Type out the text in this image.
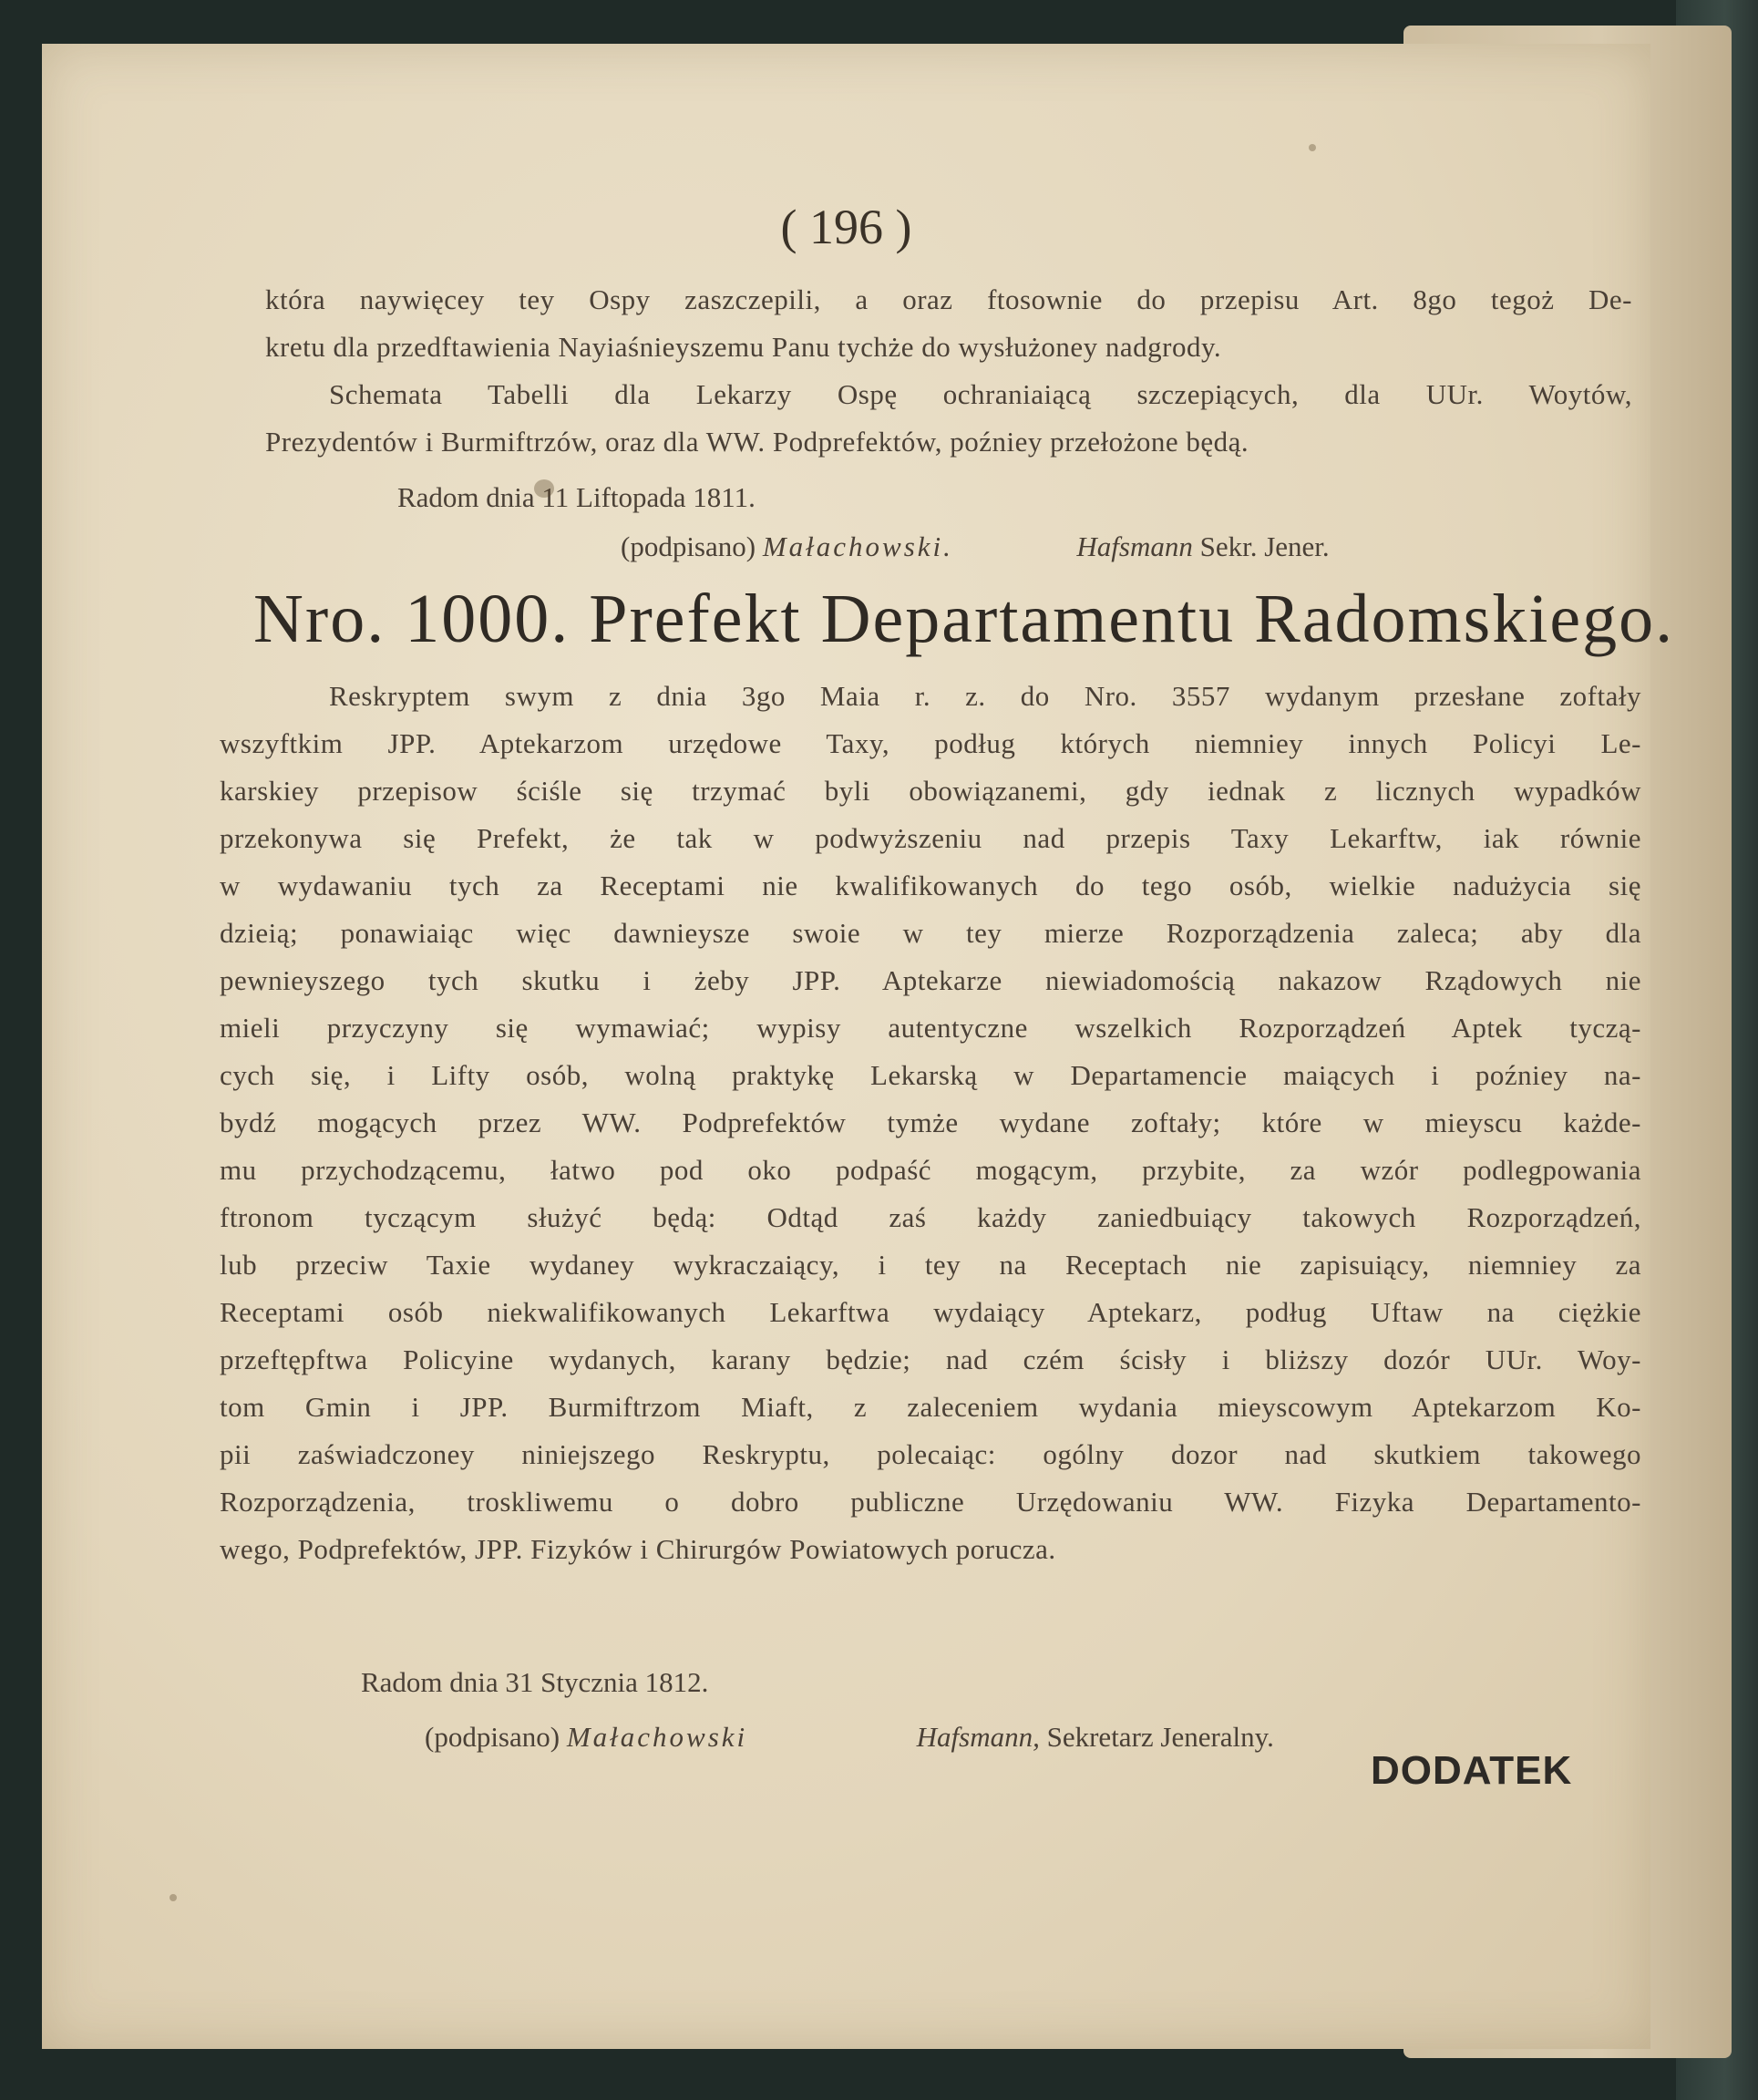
( 196 )
która naywięcey tey Ospy zaszczepili, a oraz ftosownie do przepisu Art. 8go tegoż De-
kretu dla przedftawienia Nayiaśnieyszemu Panu tychże do wysłużoney nadgrody.
Schemata Tabelli dla Lekarzy Ospę ochraniaiącą szczepiących, dla UUr. Woytów,
Prezydentów i Burmiftrzów, oraz dla WW. Podprefektów, poźniey przełożone będą.
Radom dnia 11 Liftopada 1811.
(podpisano) Małachowski.	Hafsmann Sekr. Jener.
Nro. 1000. Prefekt Departamentu Radomskiego.
Reskryptem swym z dnia 3go Maia r. z. do Nro. 3557 wydanym przesłane zoftały
wszyftkim JPP. Aptekarzom urzędowe Taxy, podług których niemniey innych Policyi Le-
karskiey przepisow ściśle się trzymać byli obowiązanemi, gdy iednak z licznych wypadków
przekonywa się Prefekt, że tak w podwyższeniu nad przepis Taxy Lekarftw, iak równie
w wydawaniu tych za Receptami nie kwalifikowanych do tego osób, wielkie nadużycia się
dzieią; ponawiaiąc więc dawnieysze swoie w tey mierze Rozporządzenia zaleca; aby dla
pewnieyszego tych skutku i żeby JPP. Aptekarze niewiadomością nakazow Rządowych nie
mieli przyczyny się wymawiać; wypisy autentyczne wszelkich Rozporządzeń Aptek tyczą-
cych się, i Lifty osób, wolną praktykę Lekarską w Departamencie maiących i poźniey na-
bydź mogących przez WW. Podprefektów tymże wydane zoftały; które w mieyscu każde-
mu przychodzącemu, łatwo pod oko podpaść mogącym, przybite, za wzór podlegpowania
ftronom tyczącym służyć będą: Odtąd zaś każdy zaniedbuiący takowych Rozporządzeń,
lub przeciw Taxie wydaney wykraczaiący, i tey na Receptach nie zapisuiący, niemniey za
Receptami osób niekwalifikowanych Lekarftwa wydaiący Aptekarz, podług Uftaw na ciężkie
przeftępftwa Policyine wydanych, karany będzie; nad czém ścisły i bliższy dozór UUr. Woy-
tom Gmin i JPP. Burmiftrzom Miaft, z zaleceniem wydania mieyscowym Aptekarzom Ko-
pii zaświadczoney niniejszego Reskryptu, polecaiąc: ogólny dozor nad skutkiem takowego
Rozporządzenia, troskliwemu o dobro publiczne Urzędowaniu WW. Fizyka Departamento-
wego, Podprefektów, JPP. Fizyków i Chirurgów Powiatowych porucza.
Radom dnia 31 Stycznia 1812.
(podpisano) Małachowski	Hafsmann, Sekretarz Jeneralny.
DODATEK
